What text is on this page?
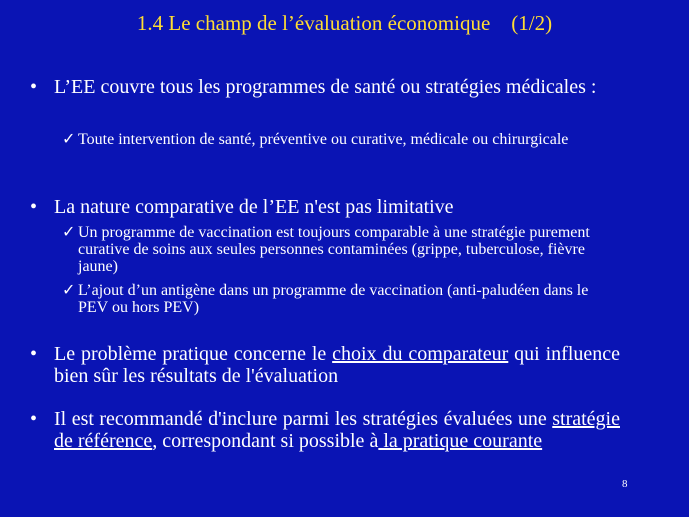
1.4 Le champ de l’évaluation économique    (1/2)
• L’EE couvre tous les programmes de santé ou stratégies médicales :
✓ Toute intervention de santé, préventive ou curative, médicale ou chirurgicale
• La nature comparative de l’EE n'est pas limitative
✓ Un programme de vaccination est toujours comparable à une stratégie purement curative de soins aux seules personnes contaminées (grippe, tuberculose, fièvre jaune)
✓ L’ajout d’un antigène dans un programme de vaccination (anti-paludéen dans le PEV ou hors PEV)
• Le problème pratique concerne le choix du comparateur qui influence bien sûr les résultats de l'évaluation
• Il est recommandé d'inclure parmi les stratégies évaluées une stratégie de référence, correspondant si possible à la pratique courante
8
